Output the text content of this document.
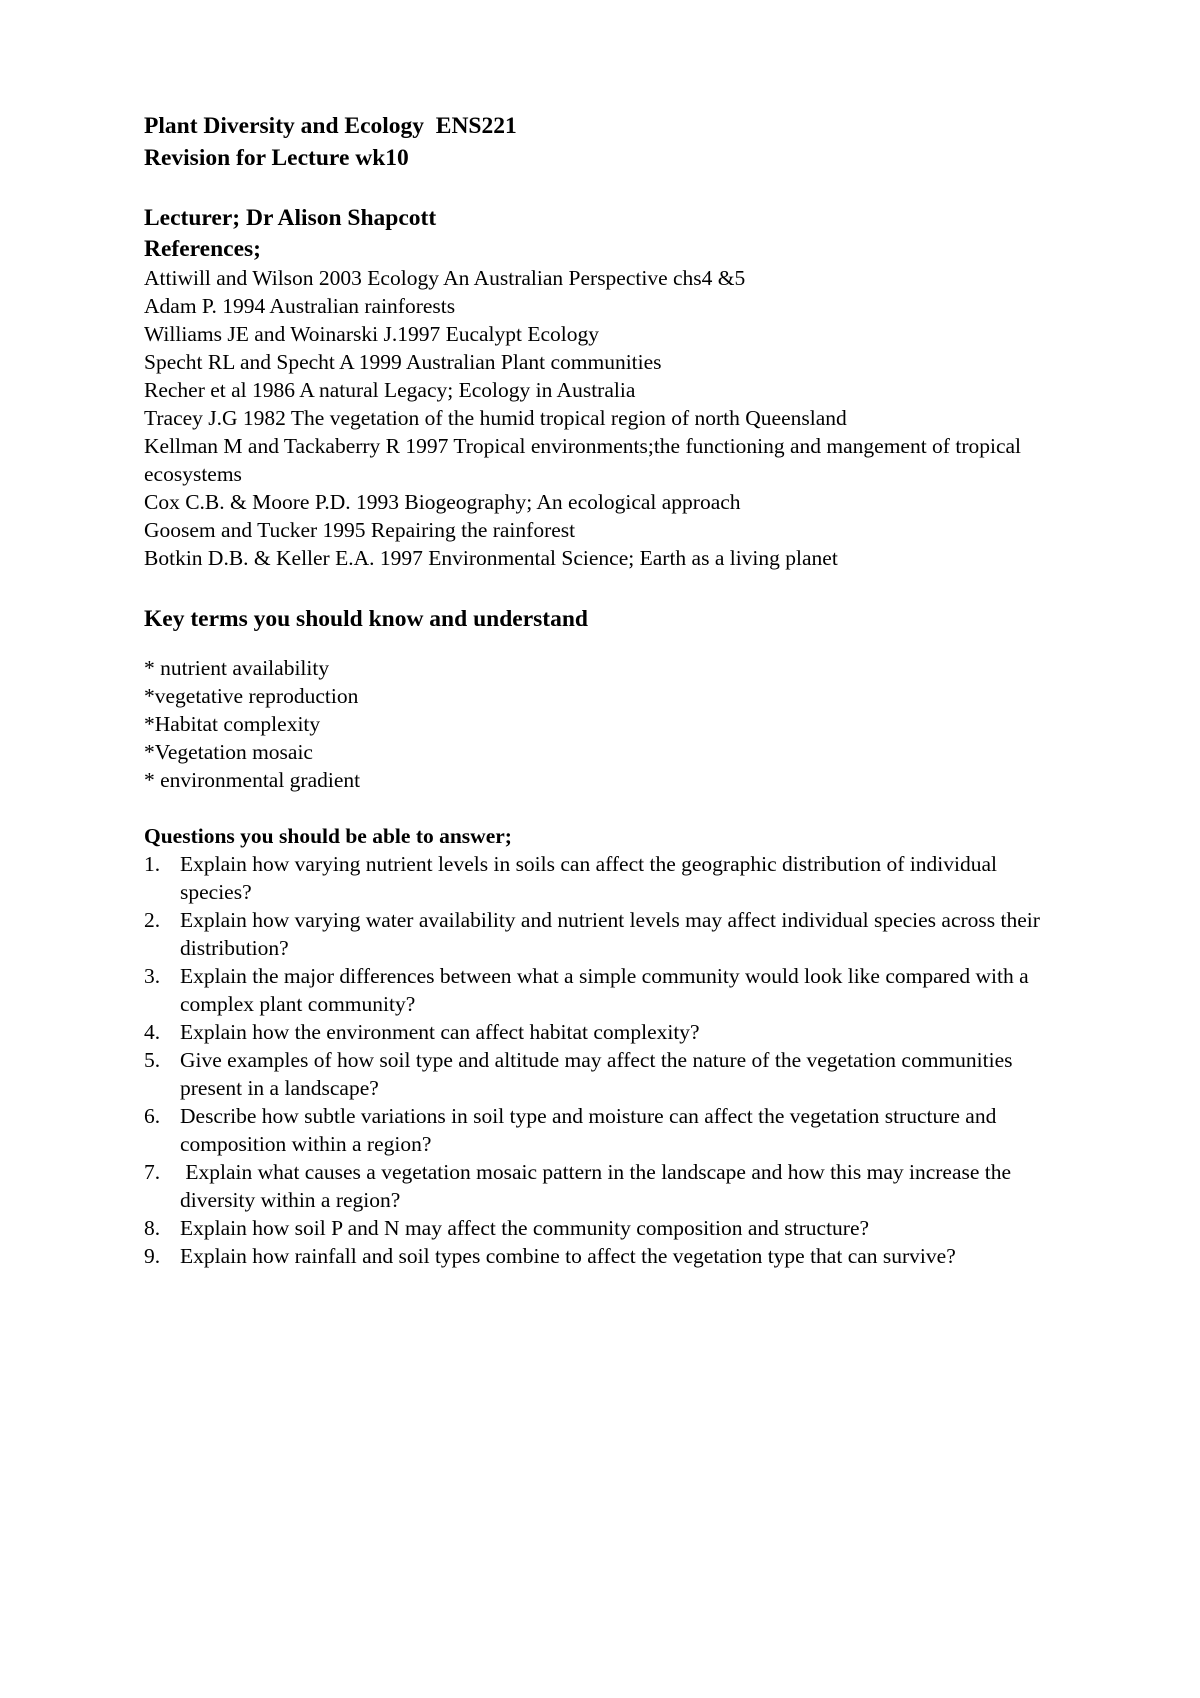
Plant Diversity and Ecology  ENS221
Revision for Lecture wk10
Lecturer; Dr Alison Shapcott
References;
Attiwill and Wilson 2003 Ecology An Australian Perspective chs4 &5
Adam P. 1994 Australian rainforests
Williams JE and Woinarski J.1997 Eucalypt Ecology
Specht RL and Specht A 1999 Australian Plant communities
Recher et al 1986 A natural Legacy; Ecology in Australia
Tracey J.G 1982 The vegetation of the humid tropical region of north Queensland
Kellman M and Tackaberry R 1997 Tropical environments;the functioning and mangement of tropical ecosystems
Cox C.B. & Moore P.D. 1993 Biogeography; An ecological approach
Goosem and Tucker 1995 Repairing the rainforest
Botkin D.B. & Keller E.A. 1997 Environmental Science; Earth as a living planet
Key terms you should know and understand
* nutrient availability
*vegetative reproduction
*Habitat complexity
*Vegetation mosaic
* environmental gradient
Questions you should be able to answer;
1. Explain how varying nutrient levels in soils can affect the geographic distribution of individual species?
2. Explain how varying water availability and nutrient levels may affect individual species across their distribution?
3. Explain the major differences between what a simple community would look like compared with a complex plant community?
4. Explain how the environment can affect habitat complexity?
5. Give examples of how soil type and altitude may affect the nature of the vegetation communities present in a landscape?
6. Describe how subtle variations in soil type and moisture can affect the vegetation structure and composition within a region?
7. Explain what causes a vegetation mosaic pattern in the landscape and how this may increase the diversity within a region?
8. Explain how soil P and N may affect the community composition and structure?
9. Explain how rainfall and soil types combine to affect the vegetation type that can survive?
